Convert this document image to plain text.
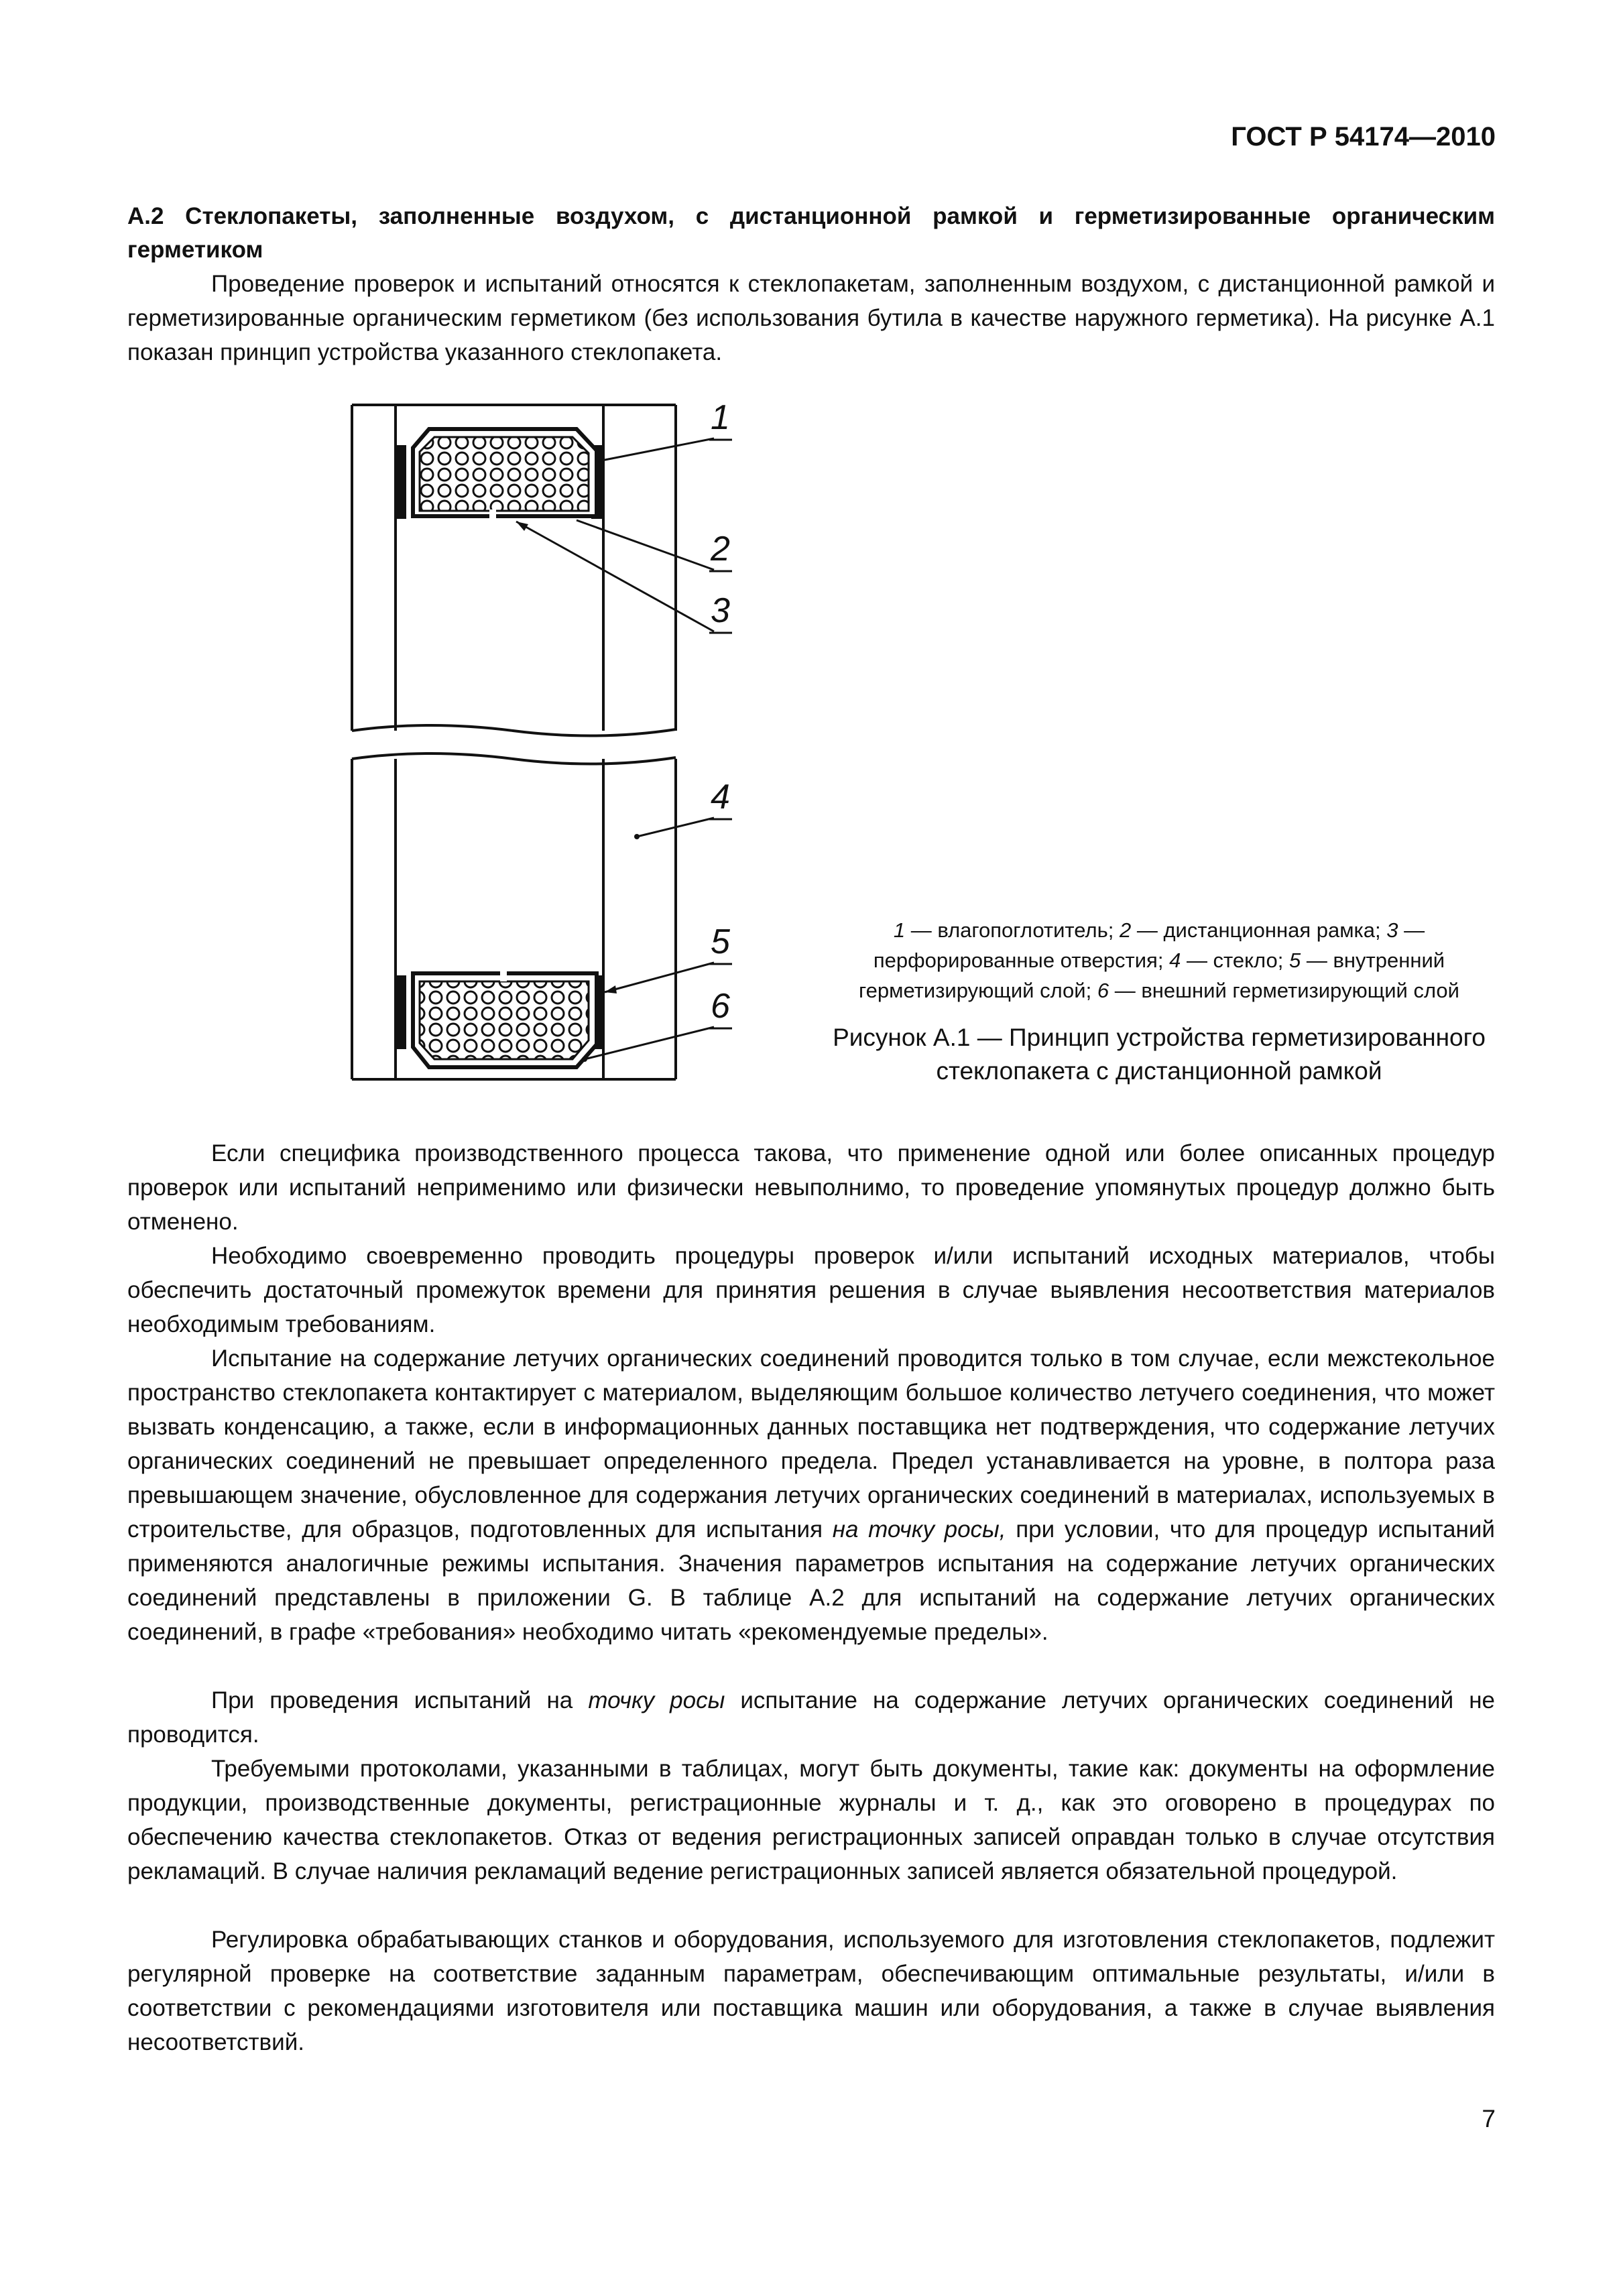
ГОСТ Р 54174—2010
А.2 Стеклопакеты, заполненные воздухом, с дистанционной рамкой и герметизированные органическим герметиком

Проведение проверок и испытаний относятся к стеклопакетам, заполненным воздухом, с дистанционной рамкой и герметизированные органическим герметиком (без использования бутила в качестве наружного герметика). На рисунке А.1 показан принцип устройства указанного стеклопакета.

1
2
3
4
5
6
1 — влагопоглотитель; 2 — дистанционная рамка; 3 — перфорированные отверстия; 4 — стекло; 5 — внутренний герметизирующий слой; 6 — внешний герметизирующий слой
Рисунок А.1 — Принцип устройства герметизированного стеклопакета с дистанционной рамкой

Если специфика производственного процесса такова, что применение одной или более описанных процедур проверок или испытаний неприменимо или физически невыполнимо, то проведение упомянутых процедур должно быть отменено.

Необходимо своевременно проводить процедуры проверок и/или испытаний исходных материалов, чтобы обеспечить достаточный промежуток времени для принятия решения в случае выявления несоответствия материалов необходимым требованиям.

Испытание на содержание летучих органических соединений проводится только в том случае, если межстекольное пространство стеклопакета контактирует с материалом, выделяющим большое количество летучего соединения, что может вызвать конденсацию, а также, если в информационных данных поставщика нет подтверждения, что содержание летучих органических соединений не превышает определенного предела. Предел устанавливается на уровне, в полтора раза превышающем значение, обусловленное для содержания летучих органических соединений в материалах, используемых в строительстве, для образцов, подготовленных для испытания на точку росы, при условии, что для процедур испытаний применяются аналогичные режимы испытания. Значения параметров испытания на содержание летучих органических соединений представлены в приложении G. В таблице А.2 для испытаний на содержание летучих органических соединений, в графе «требования» необходимо читать «рекомендуемые пределы».

При проведения испытаний на точку росы испытание на содержание летучих органических соединений не проводится.

Требуемыми протоколами, указанными в таблицах, могут быть документы, такие как: документы на оформление продукции, производственные документы, регистрационные журналы и т. д., как это оговорено в процедурах по обеспечению качества стеклопакетов. Отказ от ведения регистрационных записей оправдан только в случае отсутствия рекламаций. В случае наличия рекламаций ведение регистрационных записей является обязательной процедурой.

Регулировка обрабатывающих станков и оборудования, используемого для изготовления стеклопакетов, подлежит регулярной проверке на соответствие заданным параметрам, обеспечивающим оптимальные результаты, и/или в соответствии с рекомендациями изготовителя или поставщика машин или оборудования, а также в случае выявления несоответствий.

7
